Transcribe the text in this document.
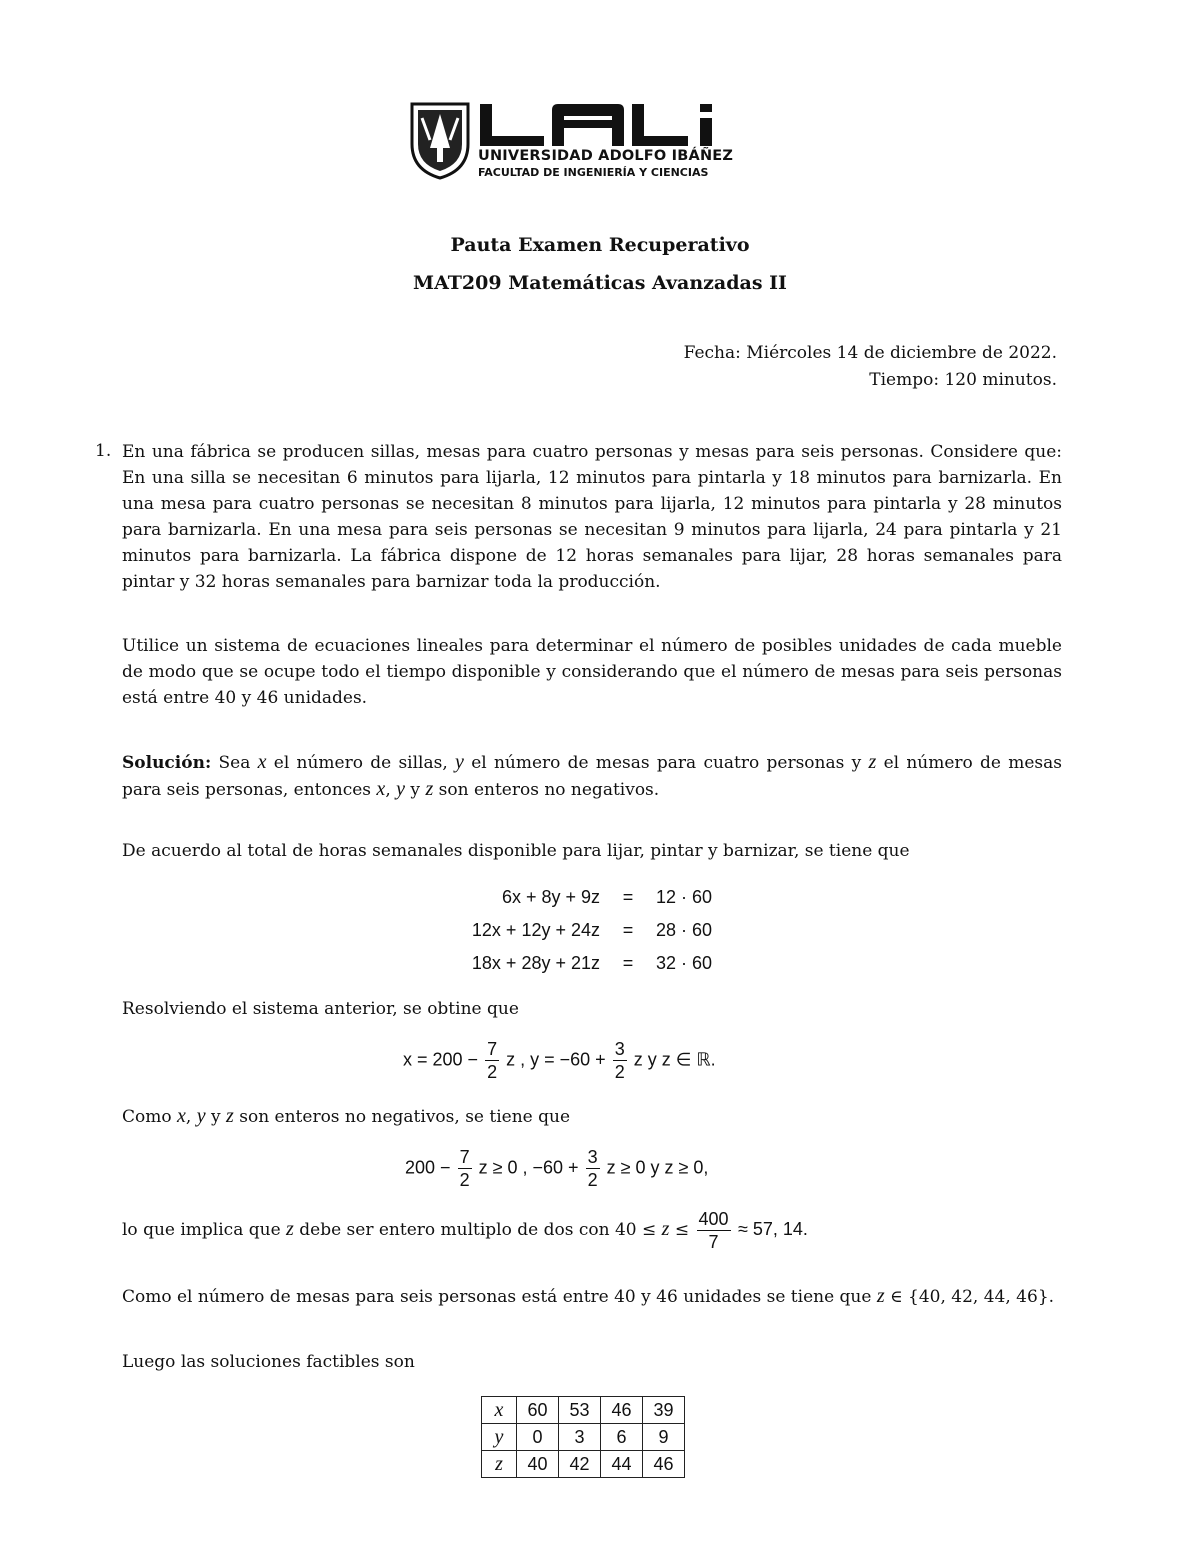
UNIVERSIDAD ADOLFO IBÁÑEZ
FACULTAD DE INGENIERÍA Y CIENCIAS
Pauta Examen Recuperativo
MAT209 Matemáticas Avanzadas II
Fecha: Miércoles 14 de diciembre de 2022.
Tiempo: 120 minutos.
1. En una fábrica se producen sillas, mesas para cuatro personas y mesas para seis personas. Considere que: En una silla se necesitan 6 minutos para lijarla, 12 minutos para pintarla y 18 minutos para barnizarla. En una mesa para cuatro personas se necesitan 8 minutos para lijarla, 12 minutos para pintarla y 28 minutos para barnizarla. En una mesa para seis personas se necesitan 9 minutos para lijarla, 24 para pintarla y 21 minutos para barnizarla. La fábrica dispone de 12 horas semanales para lijar, 28 horas semanales para pintar y 32 horas semanales para barnizar toda la producción.

Utilice un sistema de ecuaciones lineales para determinar el número de posibles unidades de cada mueble de modo que se ocupe todo el tiempo disponible y considerando que el número de mesas para seis personas está entre 40 y 46 unidades.

Solución: Sea x el número de sillas, y el número de mesas para cuatro personas y z el número de mesas para seis personas, entonces x, y y z son enteros no negativos.

De acuerdo al total de horas semanales disponible para lijar, pintar y barnizar, se tiene que

6x + 8y + 9z	=	12 · 60
12x + 12y + 24z	=	28 · 60
18x + 28y + 21z	=	32 · 60

Resolviendo el sistema anterior, se obtine que

$x = 200 - \frac{7}{2}$ z , $y = -60 + \frac{3}{2}$ z y z ∈ ℝ.

Como x, y y z son enteros no negativos, se tiene que

$200 - \frac{7}{2}$ z ≥ 0 , $-60 + \frac{3}{2}$ z ≥ 0 y z ≥ 0,
lo que implica que z debe ser entero multiplo de dos con $40 \le z \le \frac{400}{7} \approx 57$, 14.
Como el número de mesas para seis personas está entre 40 y 46 unidades se tiene que z ∈ {40, 42, 44, 46}.

Luego las soluciones factibles son

x	60	53	46	39
y	0	3	6	9
z	40	42	44	46
